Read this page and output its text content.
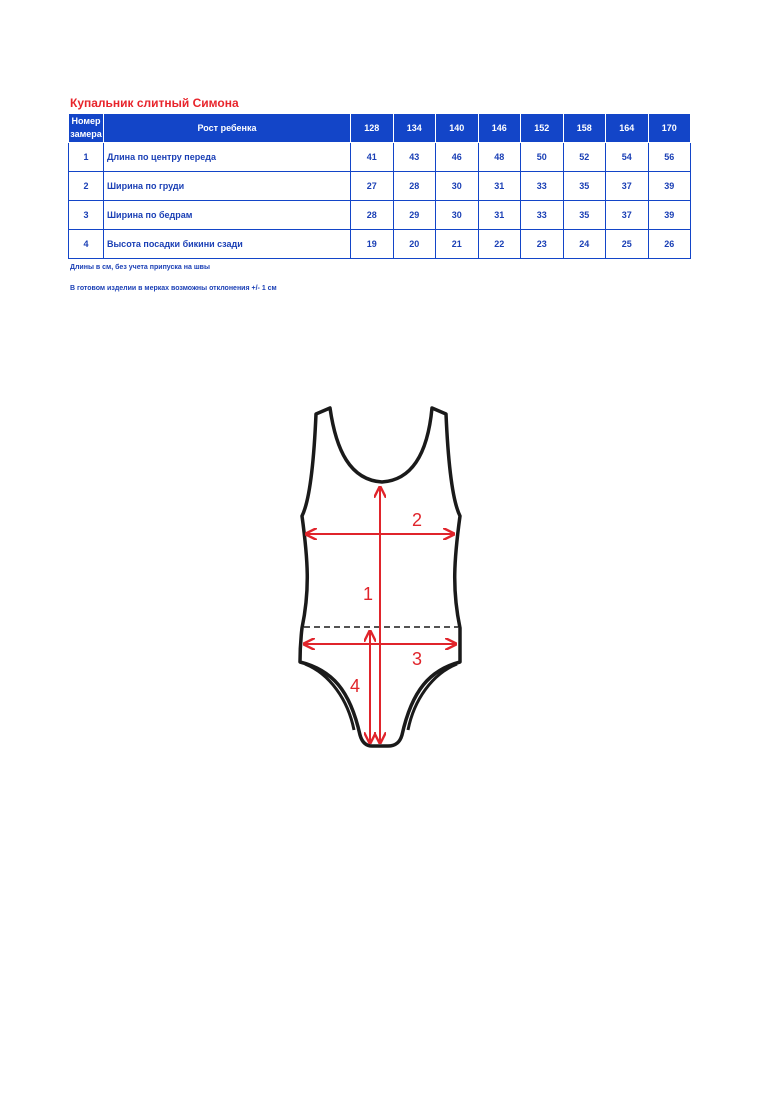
Купальник слитный Симона
Номер
замера	Рост ребенка	128	134	140	146	152	158	164	170
1	Длина по центру переда	41	43	46	48	50	52	54	56
2	Ширина по груди	27	28	30	31	33	35	37	39
3	Ширина по бедрам	28	29	30	31	33	35	37	39
4	Высота посадки бикини сзади	19	20	21	22	23	24	25	26
Длины в см, без учета припуска на швы
В готовом изделии в мерках возможны отклонения +/- 1 см
1
2
3
4
